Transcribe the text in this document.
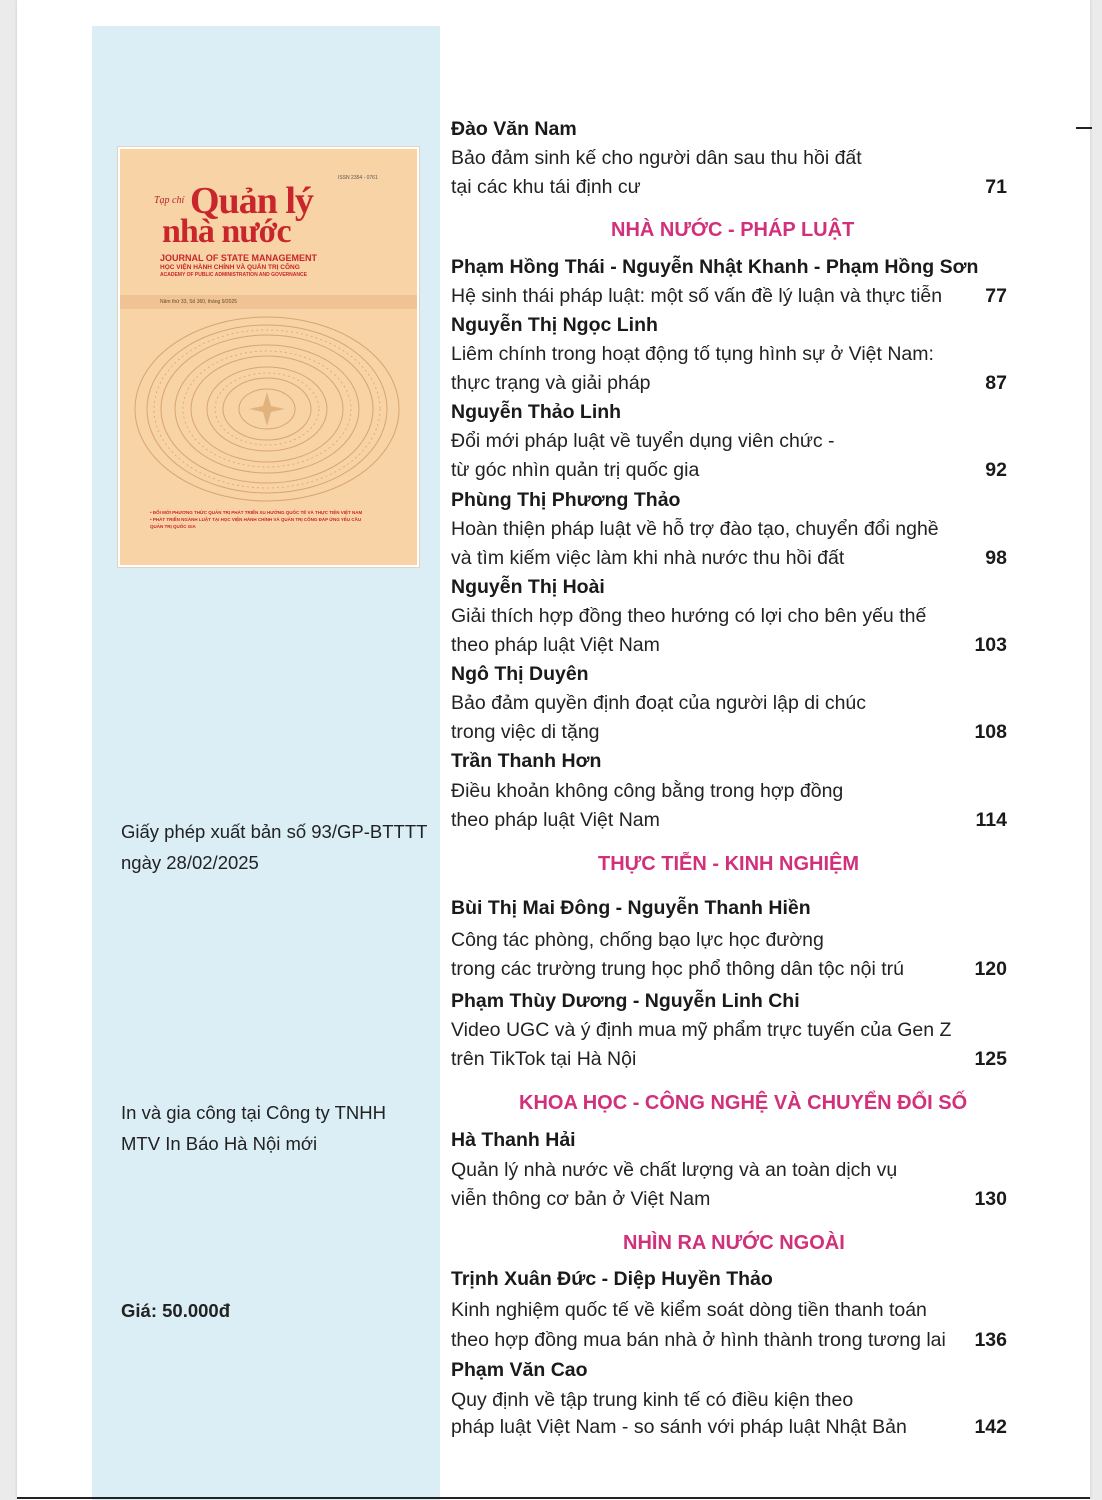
ISSN 2354 - 0761
Tạp chí Quản lý
nhà nước
JOURNAL OF STATE MANAGEMENT
HỌC VIỆN HÀNH CHÍNH VÀ QUẢN TRỊ CÔNG
ACADEMY OF PUBLIC ADMINISTRATION AND GOVERNANCE
Năm thứ 33, Số 360, tháng 9/2025
• ĐỔI MỚI PHƯƠNG THỨC QUẢN TRỊ PHÁT TRIỂN XU HƯỚNG QUỐC TẾ VÀ THỰC TIỄN VIỆT NAM
• PHÁT TRIỂN NGÀNH LUẬT TẠI HỌC VIỆN HÀNH CHÍNH VÀ QUẢN TRỊ CÔNG ĐÁP ỨNG YÊU CẦU QUẢN TRỊ QUỐC GIA
Giấy phép xuất bản số 93/GP-BTTTT
ngày 28/02/2025
In và gia công tại Công ty TNHH
MTV In Báo Hà Nội mới
Giá: 50.000đ
Đào Văn Nam
Bảo đảm sinh kế cho người dân sau thu hồi đất
tại các khu tái định cư	71
NHÀ NƯỚC - PHÁP LUẬT
Phạm Hồng Thái - Nguyễn Nhật Khanh - Phạm Hồng Sơn
Hệ sinh thái pháp luật: một số vấn đề lý luận và thực tiễn	77
Nguyễn Thị Ngọc Linh
Liêm chính trong hoạt động tố tụng hình sự ở Việt Nam:
thực trạng và giải pháp	87
Nguyễn Thảo Linh
Đổi mới pháp luật về tuyển dụng viên chức -
từ góc nhìn quản trị quốc gia	92
Phùng Thị Phương Thảo
Hoàn thiện pháp luật về hỗ trợ đào tạo, chuyển đổi nghề
và tìm kiếm việc làm khi nhà nước thu hồi đất	98
Nguyễn Thị Hoài
Giải thích hợp đồng theo hướng có lợi cho bên yếu thế
theo pháp luật Việt Nam	103
Ngô Thị Duyên
Bảo đảm quyền định đoạt của người lập di chúc
trong việc di tặng	108
Trần Thanh Hơn
Điều khoản không công bằng trong hợp đồng
theo pháp luật Việt Nam	114
THỰC TIỄN - KINH NGHIỆM
Bùi Thị Mai Đông - Nguyễn Thanh Hiền
Công tác phòng, chống bạo lực học đường
trong các trường trung học phổ thông dân tộc nội trú	120
Phạm Thùy Dương - Nguyễn Linh Chi
Video UGC và ý định mua mỹ phẩm trực tuyến của Gen Z
trên TikTok tại Hà Nội	125
KHOA HỌC - CÔNG NGHỆ VÀ CHUYỂN ĐỔI SỐ
Hà Thanh Hải
Quản lý nhà nước về chất lượng và an toàn dịch vụ
viễn thông cơ bản ở Việt Nam	130
NHÌN RA NƯỚC NGOÀI
Trịnh Xuân Đức - Diệp Huyền Thảo
Kinh nghiệm quốc tế về kiểm soát dòng tiền thanh toán
theo hợp đồng mua bán nhà ở hình thành trong tương lai	136
Phạm Văn Cao
Quy định về tập trung kinh tế có điều kiện theo
pháp luật Việt Nam - so sánh với pháp luật Nhật Bản	142
